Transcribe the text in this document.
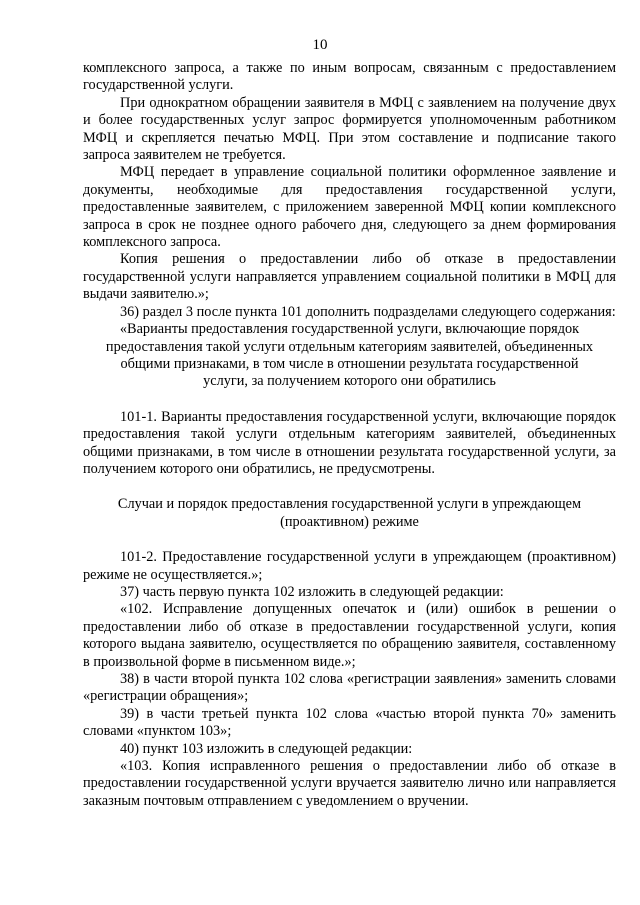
10

комплексного запроса, а также по иным вопросам, связанным с предоставлением государственной услуги.

При однократном обращении заявителя в МФЦ с заявлением на получение двух и более государственных услуг запрос формируется уполномоченным работником МФЦ и скрепляется печатью МФЦ. При этом составление и подписание такого запроса заявителем не требуется.

МФЦ передает в управление социальной политики оформленное заявление и документы, необходимые для предоставления государственной услуги, предоставленные заявителем, с приложением заверенной МФЦ копии комплексного запроса в срок не позднее одного рабочего дня, следующего за днем формирования комплексного запроса.

Копия решения о предоставлении либо об отказе в предоставлении государственной услуги направляется управлением социальной политики в МФЦ для выдачи заявителю.»;

36) раздел 3 после пункта 101 дополнить подразделами следующего содержания:

«Варианты предоставления государственной услуги, включающие порядок предоставления такой услуги отдельным категориям заявителей, объединенных общими признаками, в том числе в отношении результата государственной услуги, за получением которого они обратились

101-1. Варианты предоставления государственной услуги, включающие порядок предоставления такой услуги отдельным категориям заявителей, объединенных общими признаками, в том числе в отношении результата государственной услуги, за получением которого они обратились, не предусмотрены.

Случаи и порядок предоставления государственной услуги в упреждающем (проактивном) режиме

101-2. Предоставление государственной услуги в упреждающем (проактивном) режиме не осуществляется.»;

37) часть первую пункта 102 изложить в следующей редакции:

«102. Исправление допущенных опечаток и (или) ошибок в решении о предоставлении либо об отказе в предоставлении государственной услуги, копия которого выдана заявителю, осуществляется по обращению заявителя, составленному в произвольной форме в письменном виде.»;

38) в части второй пункта 102 слова «регистрации заявления» заменить словами «регистрации обращения»;

39) в части третьей пункта 102 слова «частью второй пункта 70» заменить словами «пунктом 103»;

40) пункт 103 изложить в следующей редакции:

«103. Копия исправленного решения о предоставлении либо об отказе в предоставлении государственной услуги вручается заявителю лично или направляется заказным почтовым отправлением с уведомлением о вручении.
